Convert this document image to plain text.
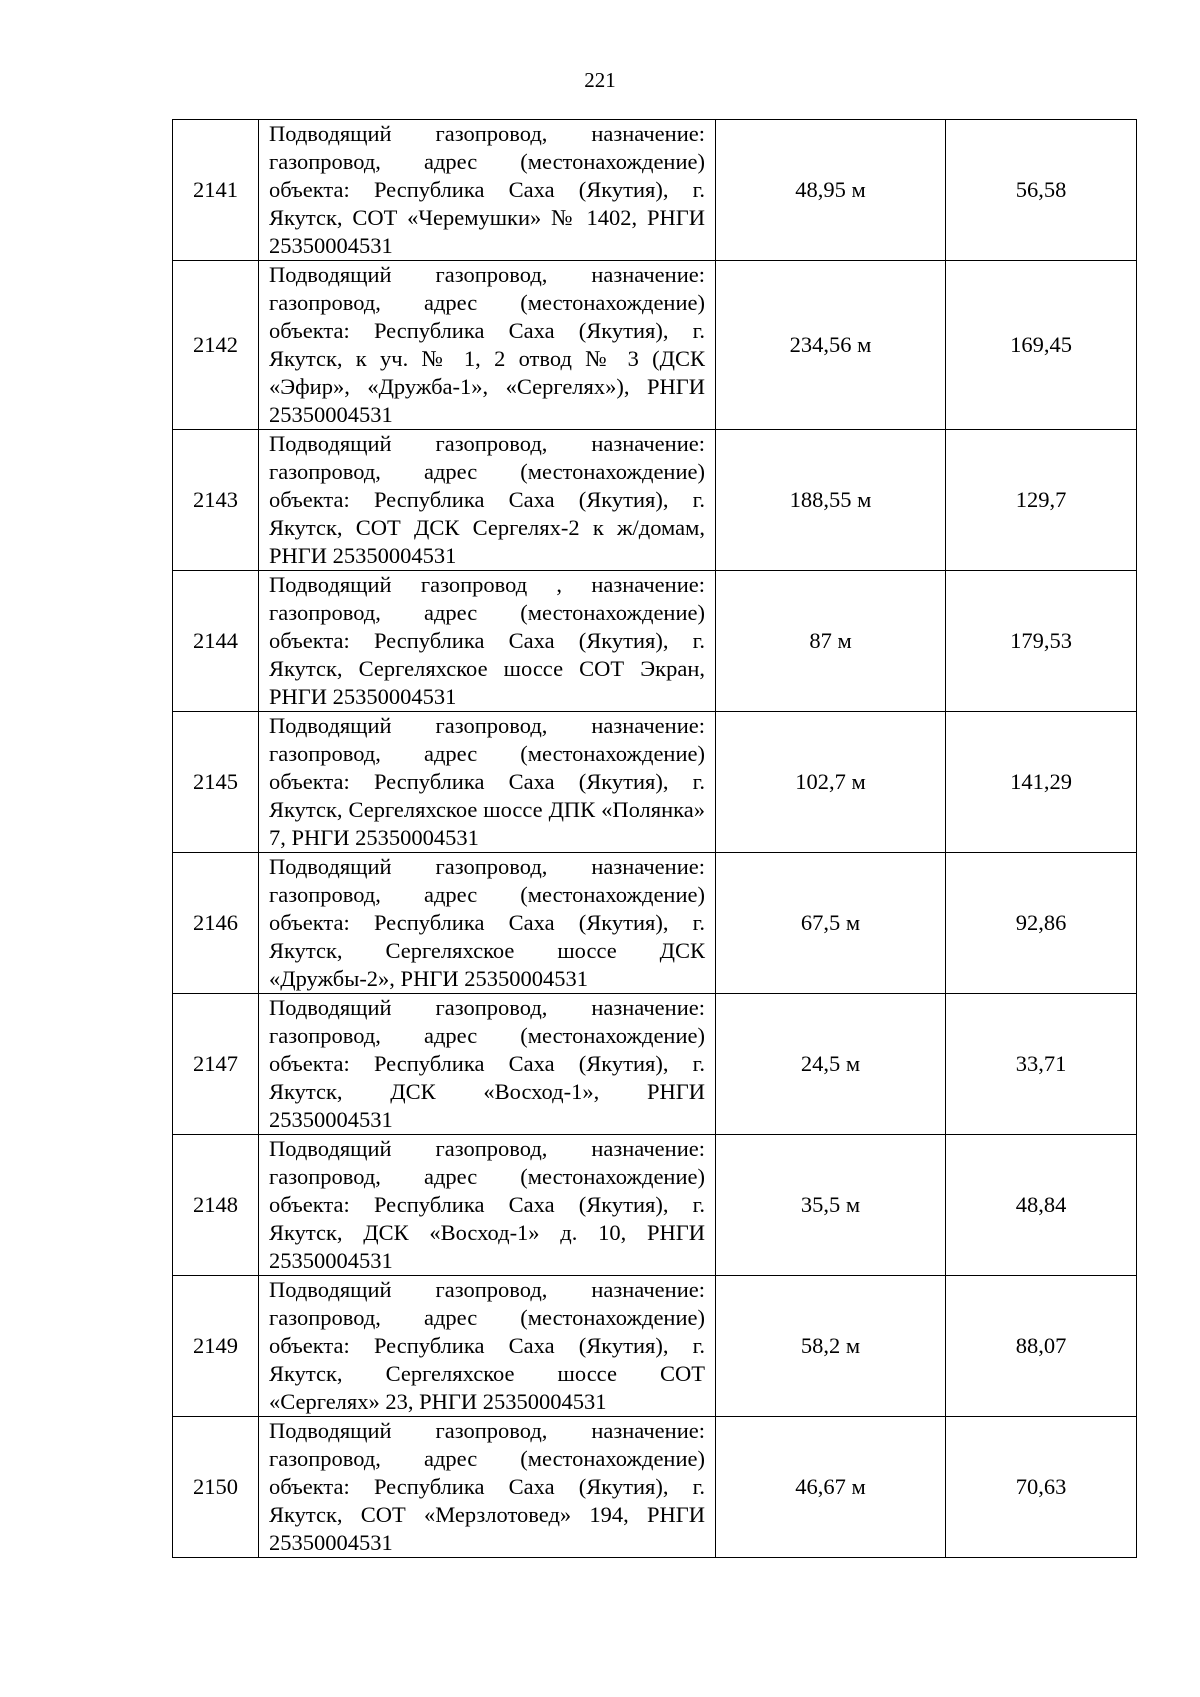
221
2141	Подводящий газопровод, назначение: газопровод, адрес (местонахождение) объекта: Республика Саха (Якутия), г. Якутск, СОТ «Черемушки» № 1402, РНГИ 25350004531	48,95 м	56,58
2142	Подводящий газопровод, назначение: газопровод, адрес (местонахождение) объекта: Республика Саха (Якутия), г. Якутск, к уч. № 1, 2 отвод № 3 (ДСК «Эфир», «Дружба-1», «Сергелях»), РНГИ 25350004531	234,56 м	169,45
2143	Подводящий газопровод, назначение: газопровод, адрес (местонахождение) объекта: Республика Саха (Якутия), г. Якутск, СОТ ДСК Сергелях-2 к ж/домам, РНГИ 25350004531	188,55 м	129,7
2144	Подводящий газопровод , назначение: газопровод, адрес (местонахождение) объекта: Республика Саха (Якутия), г. Якутск, Сергеляхское шоссе СОТ Экран, РНГИ 25350004531	87 м	179,53
2145	Подводящий газопровод, назначение: газопровод, адрес (местонахождение) объекта: Республика Саха (Якутия), г. Якутск, Сергеляхское шоссе ДПК «Полянка» 7, РНГИ 25350004531	102,7 м	141,29
2146	Подводящий газопровод, назначение: газопровод, адрес (местонахождение) объекта: Республика Саха (Якутия), г. Якутск, Сергеляхское шоссе ДСК «Дружбы-2», РНГИ 25350004531	67,5 м	92,86
2147	Подводящий газопровод, назначение: газопровод, адрес (местонахождение) объекта: Республика Саха (Якутия), г. Якутск, ДСК «Восход-1», РНГИ 25350004531	24,5 м	33,71
2148	Подводящий газопровод, назначение: газопровод, адрес (местонахождение) объекта: Республика Саха (Якутия), г. Якутск, ДСК «Восход-1» д. 10, РНГИ 25350004531	35,5 м	48,84
2149	Подводящий газопровод, назначение: газопровод, адрес (местонахождение) объекта: Республика Саха (Якутия), г. Якутск, Сергеляхское шоссе СОТ «Сергелях» 23, РНГИ 25350004531	58,2 м	88,07
2150	Подводящий газопровод, назначение: газопровод, адрес (местонахождение) объекта: Республика Саха (Якутия), г. Якутск, СОТ «Мерзлотовед» 194, РНГИ 25350004531	46,67 м	70,63
